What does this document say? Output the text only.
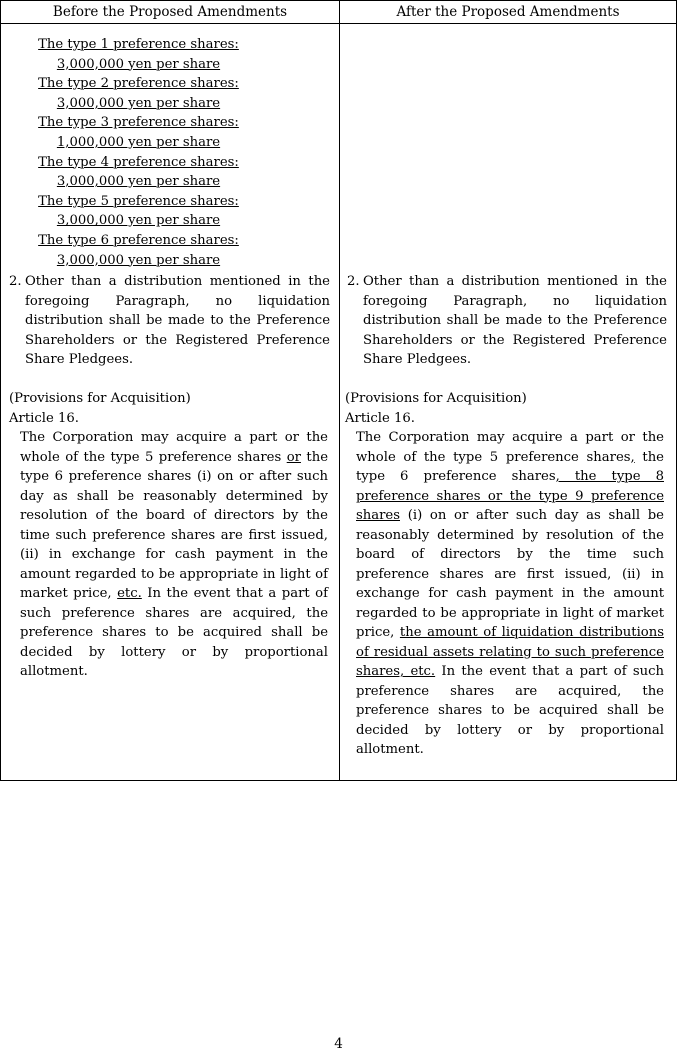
Before the Proposed Amendments	After the Proposed Amendments
The type 1 preference shares:
3,000,000 yen per share
The type 2 preference shares:
3,000,000 yen per share
The type 3 preference shares:
1,000,000 yen per share
The type 4 preference shares:
3,000,000 yen per share
The type 5 preference shares:
3,000,000 yen per share
The type 6 preference shares:
3,000,000 yen per share
2. Other than a distribution mentioned in the foregoing Paragraph, no liquidation distribution shall be made to the Preference Shareholders or the Registered Preference Share Pledgees.
(Provisions for Acquisition)
Article 16.
The Corporation may acquire a part or the whole of the type 5 preference shares or the type 6 preference shares (i) on or after such day as shall be reasonably determined by resolution of the board of directors by the time such preference shares are first issued, (ii) in exchange for cash payment in the amount regarded to be appropriate in light of market price, etc. In the event that a part of such preference shares are acquired, the preference shares to be acquired shall be decided by lottery or by proportional allotment.
2. Other than a distribution mentioned in the foregoing Paragraph, no liquidation distribution shall be made to the Preference Shareholders or the Registered Preference Share Pledgees.
(Provisions for Acquisition)
Article 16.
The Corporation may acquire a part or the whole of the type 5 preference shares, the type 6 preference shares, the type 8 preference shares or the type 9 preference shares (i) on or after such day as shall be reasonably determined by resolution of the board of directors by the time such preference shares are first issued, (ii) in exchange for cash payment in the amount regarded to be appropriate in light of market price, the amount of liquidation distributions of residual assets relating to such preference shares, etc. In the event that a part of such preference shares are acquired, the preference shares to be acquired shall be decided by lottery or by proportional allotment.
4
